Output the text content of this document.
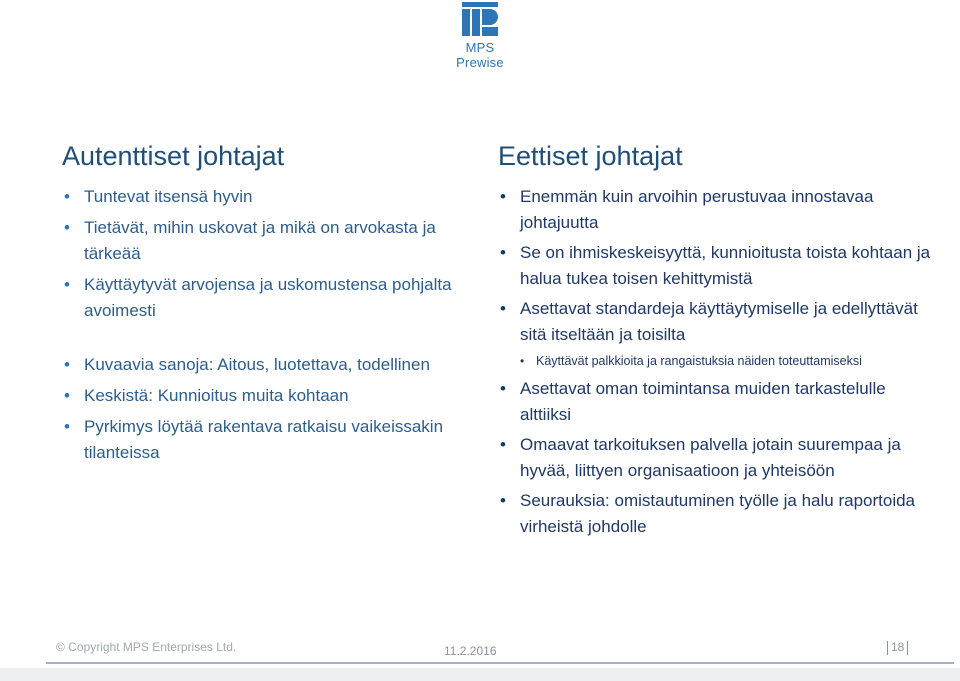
MPS Prewise
Autenttiset johtajat
• Tuntevat itsensä hyvin
• Tietävät, mihin uskovat ja mikä on arvokasta ja tärkeää
• Käyttäytyvät arvojensa ja uskomustensa pohjalta avoimesti
• Kuvaavia sanoja: Aitous, luotettava, todellinen
• Keskistä: Kunnioitus muita kohtaan
• Pyrkimys löytää rakentava ratkaisu vaikeissakin tilanteissa
Eettiset johtajat
• Enemmän kuin arvoihin perustuvaa innostavaa johtajuutta
• Se on ihmiskeskeisyyttä, kunnioitusta toista kohtaan ja halua tukea toisen kehittymistä
• Asettavat standardeja käyttäytymiselle ja edellyttävät sitä itseltään ja toisilta
• Käyttävät palkkioita ja rangaistuksia näiden toteuttamiseksi
• Asettavat oman toimintansa muiden tarkastelulle alttiiksi
• Omaavat tarkoituksen palvella jotain suurempaa ja hyvää, liittyen organisaatioon ja yhteisöön
• Seurauksia: omistautuminen työlle ja halu raportoida virheistä johdolle
© Copyright MPS Enterprises Ltd.	11.2.2016	18
